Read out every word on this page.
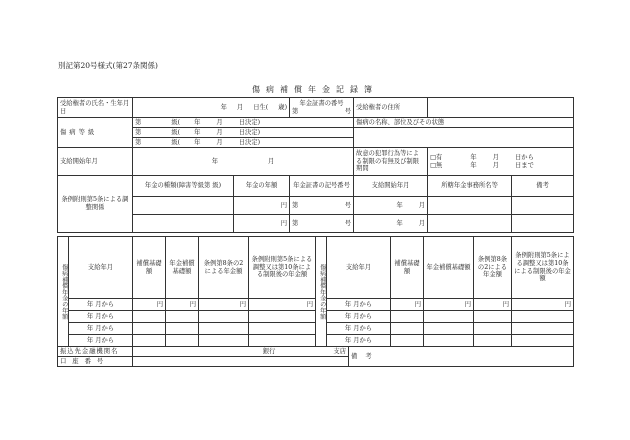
別記第20号様式(第27条関係)
傷病補償年金記録簿
受給権者の氏名・生年月日	年 月 日生( 歳)		年金証書の番号
第 号	受給権者の住所		
傷病等級	第 級( 年 月 日決定)			傷病の名称、部位及びその状態		
	第 級( 年 月 日決定)					
	第 級( 年 月 日決定)					
支給開始年月	年 月			故意の犯罪行為等による制限の有無及び制限期間	□有 年 月 日から
□無 年 月 日まで	

条例附則第5条による調整関係	年金の種類(障害等級第 級)	年金の年額	年金証書の記号番号	支給開始年月	所轄年金事務所名等	備考
		円	第 号	年 月		
		円	第 号	年 月		
傷病補償年金の年額	支給年月	補償基礎額	年金補償基礎額	条例第8条の2による年金額	条例附則第5条による調整又は第10条による制限後の年金額	傷病補償年金の年額	支給年月	補償基礎額	年金補償基礎額	条例第8条の2による年金額	条例附則第5条による調整又は第10条による制限後の年金額
	年 月から	円	円	円	円		年 月から	円	円	円	円
	年 月から						年 月から				
	年 月から						年 月から				
	年 月から						年 月から				
振込先金融機関名	銀行 支店	備考
口座番号		
